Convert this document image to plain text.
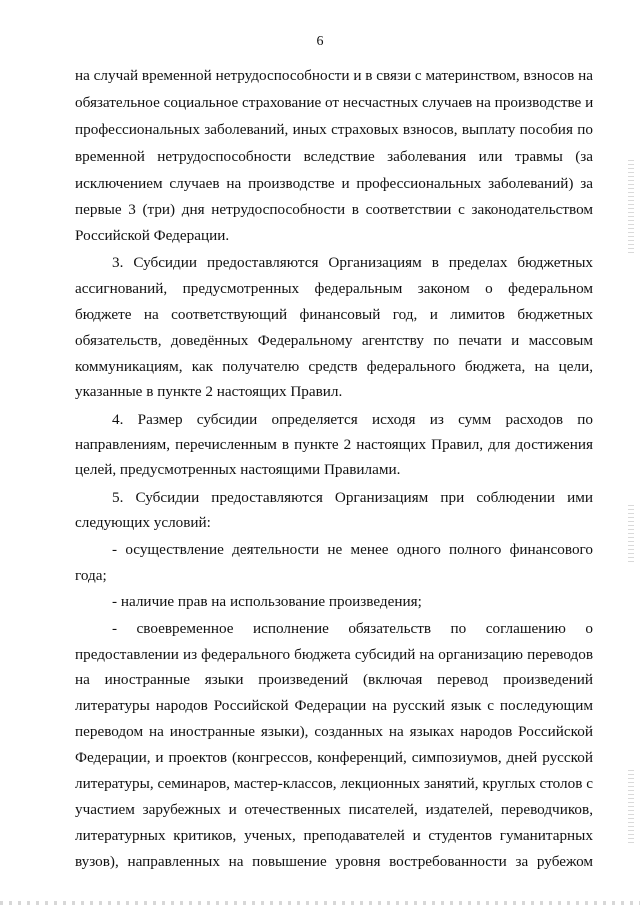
6
на случай временной нетрудоспособности и в связи с материнством, взносов на
обязательное социальное страхование от несчастных случаев на производстве и
профессиональных заболеваний, иных страховых взносов, выплату пособия по
временной нетрудоспособности вследствие заболевания или травмы (за
исключением случаев на производстве и профессиональных заболеваний) за
первые 3 (три) дня нетрудоспособности в соответствии с законодательством
Российской Федерации.
3. Субсидии предоставляются Организациям в пределах бюджетных
ассигнований, предусмотренных федеральным законом о федеральном
бюджете на соответствующий финансовый год, и лимитов бюджетных
обязательств, доведённых Федеральному агентству по печати и массовым
коммуникациям, как получателю средств федерального бюджета, на цели,
указанные в пункте 2 настоящих Правил.
4. Размер субсидии определяется исходя из сумм расходов по
направлениям, перечисленным в пункте 2 настоящих Правил, для достижения
целей, предусмотренных настоящими Правилами.
5. Субсидии предоставляются Организациям при соблюдении ими
следующих условий:
- осуществление деятельности не менее одного полного финансового
года;
- наличие прав на использование произведения;
- своевременное исполнение обязательств по соглашению о
предоставлении из федерального бюджета субсидий на организацию переводов
на иностранные языки произведений (включая перевод произведений
литературы народов Российской Федерации на русский язык с последующим
переводом на иностранные языки), созданных на языках народов Российской
Федерации, и проектов (конгрессов, конференций, симпозиумов, дней русской
литературы, семинаров, мастер-классов, лекционных занятий, круглых столов с
участием зарубежных и отечественных писателей, издателей, переводчиков,
литературных критиков, ученых, преподавателей и студентов гуманитарных
вузов), направленных на повышение уровня востребованности за рубежом
